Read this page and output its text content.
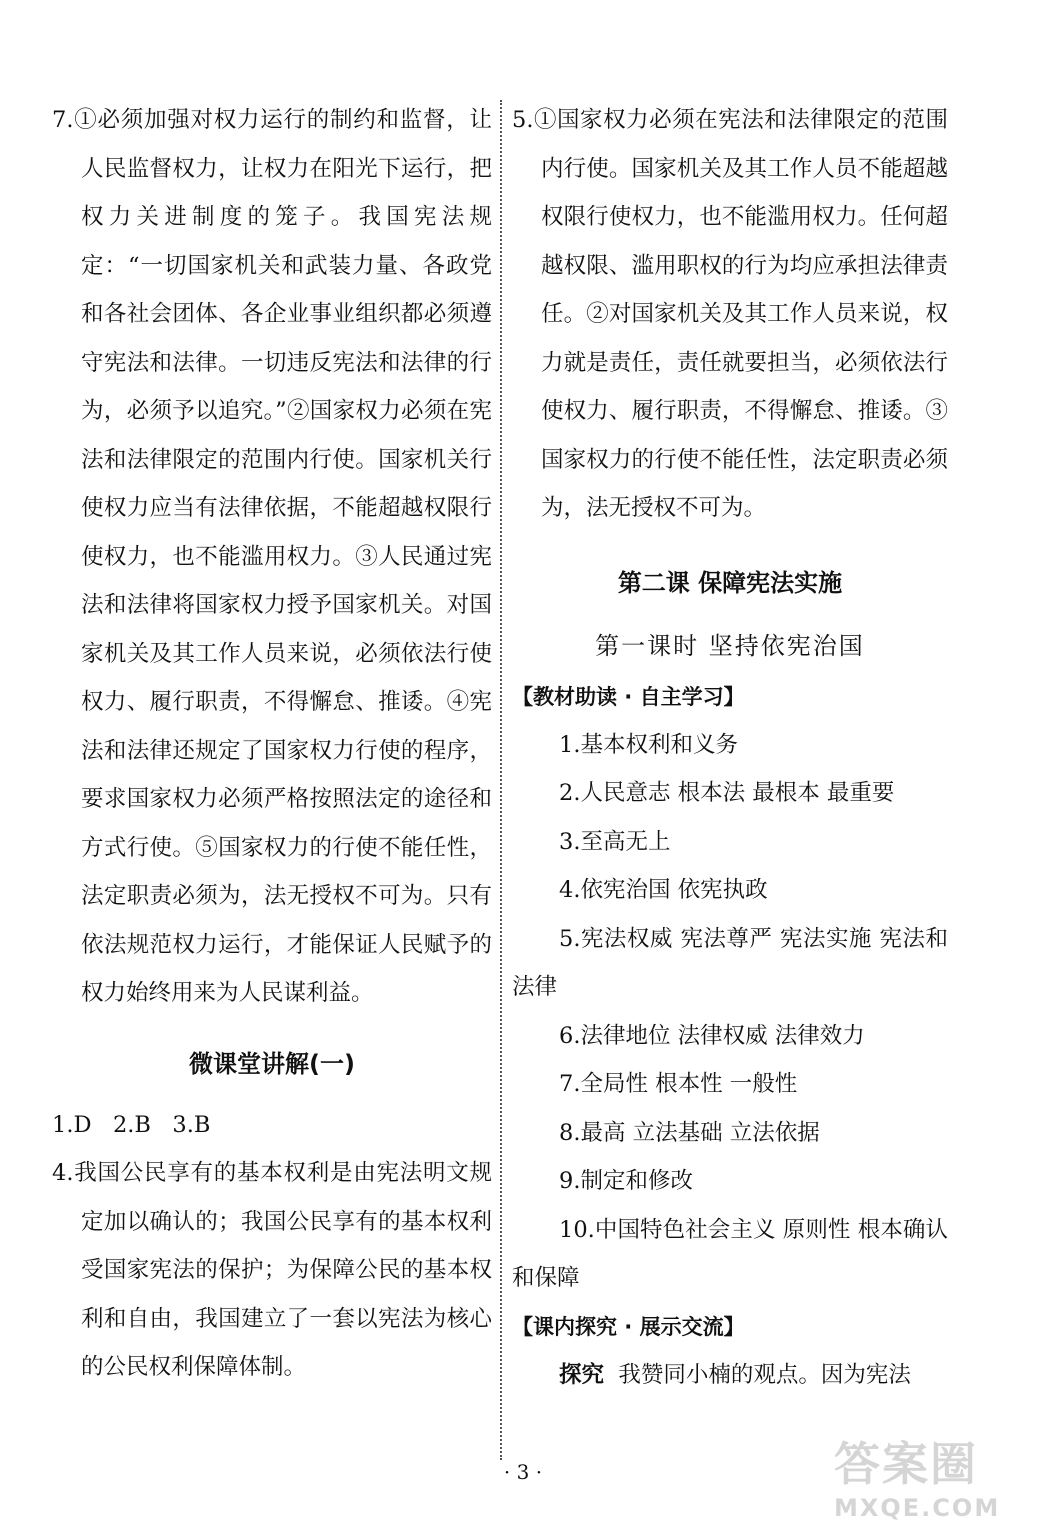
7.①必须加强对权力运行的制约和监督，让人民监督权力，让权力在阳光下运行，把权力关进制度的笼子。我国宪法规定：“一切国家机关和武装力量、各政党和各社会团体、各企业事业组织都必须遵守宪法和法律。一切违反宪法和法律的行为，必须予以追究。”②国家权力必须在宪法和法律限定的范围内行使。国家机关行使权力应当有法律依据，不能超越权限行使权力，也不能滥用权力。③人民通过宪法和法律将国家权力授予国家机关。对国家机关及其工作人员来说，必须依法行使权力、履行职责，不得懈怠、推诿。④宪法和法律还规定了国家权力行使的程序，要求国家权力必须严格按照法定的途径和方式行使。⑤国家权力的行使不能任性，法定职责必须为，法无授权不可为。只有依法规范权力运行，才能保证人民赋予的权力始终用来为人民谋利益。

微课堂讲解(一)

1.D   2.B   3.B

4.我国公民享有的基本权利是由宪法明文规定加以确认的；我国公民享有的基本权利受国家宪法的保护；为保障公民的基本权利和自由，我国建立了一套以宪法为核心的公民权利保障体制。

5.①国家权力必须在宪法和法律限定的范围内行使。国家机关及其工作人员不能超越权限行使权力，也不能滥用权力。任何超越权限、滥用职权的行为均应承担法律责任。②对国家机关及其工作人员来说，权力就是责任，责任就要担当，必须依法行使权力、履行职责，不得懈怠、推诿。③国家权力的行使不能任性，法定职责必须为，法无授权不可为。

第二课 保障宪法实施

第一课时 坚持依宪治国

【教材助读 · 自主学习】

1.基本权利和义务

2.人民意志 根本法 最根本 最重要

3.至高无上

4.依宪治国 依宪执政

5.宪法权威 宪法尊严 宪法实施 宪法和法律

6.法律地位 法律权威 法律效力

7.全局性 根本性 一般性

8.最高 立法基础 立法依据

9.制定和修改

10.中国特色社会主义 原则性 根本确认和保障

【课内探究 · 展示交流】

探究  我赞同小楠的观点。因为宪法

· 3 ·	答案圈
MXQE.COM
